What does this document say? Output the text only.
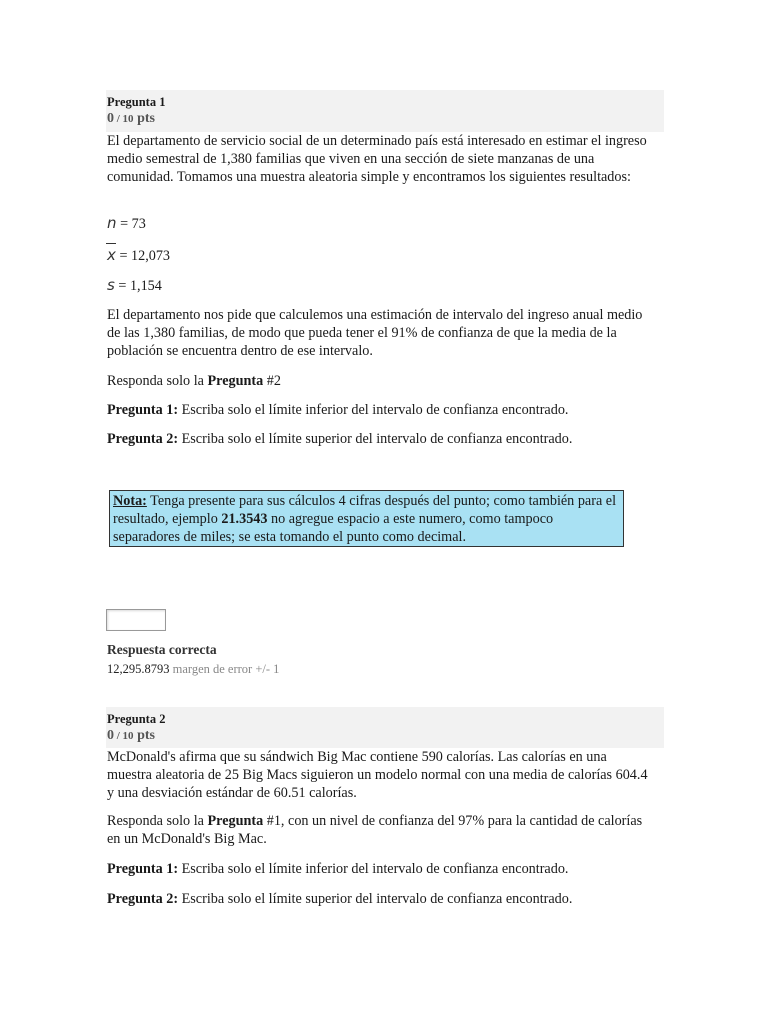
Pregunta 1
0 / 10 pts
El departamento de servicio social de un determinado país está interesado en estimar el ingreso medio semestral de 1,380 familias que viven en una sección de siete manzanas de una comunidad. Tomamos una muestra aleatoria simple y encontramos los siguientes resultados:
n = 73
x = 12,073
s = 1,154
El departamento nos pide que calculemos una estimación de intervalo del ingreso anual medio de las 1,380 familias, de modo que pueda tener el 91% de confianza de que la media de la población se encuentra dentro de ese intervalo.
Responda solo la Pregunta #2
Pregunta 1: Escriba solo el límite inferior del intervalo de confianza encontrado.
Pregunta 2: Escriba solo el límite superior del intervalo de confianza encontrado.
Nota: Tenga presente para sus cálculos 4 cifras después del punto; como también para el resultado, ejemplo 21.3543 no agregue espacio a este numero, como tampoco separadores de miles; se esta tomando el punto como decimal.
Respuesta correcta
12,295.8793 margen de error +/- 1
Pregunta 2
0 / 10 pts
McDonald's afirma que su sándwich Big Mac contiene 590 calorías. Las calorías en una muestra aleatoria de 25 Big Macs siguieron un modelo normal con una media de calorías 604.4 y una desviación estándar de 60.51 calorías.
Responda solo la Pregunta #1, con un nivel de confianza del 97% para la cantidad de calorías en un McDonald's Big Mac.
Pregunta 1: Escriba solo el límite inferior del intervalo de confianza encontrado.
Pregunta 2: Escriba solo el límite superior del intervalo de confianza encontrado.
